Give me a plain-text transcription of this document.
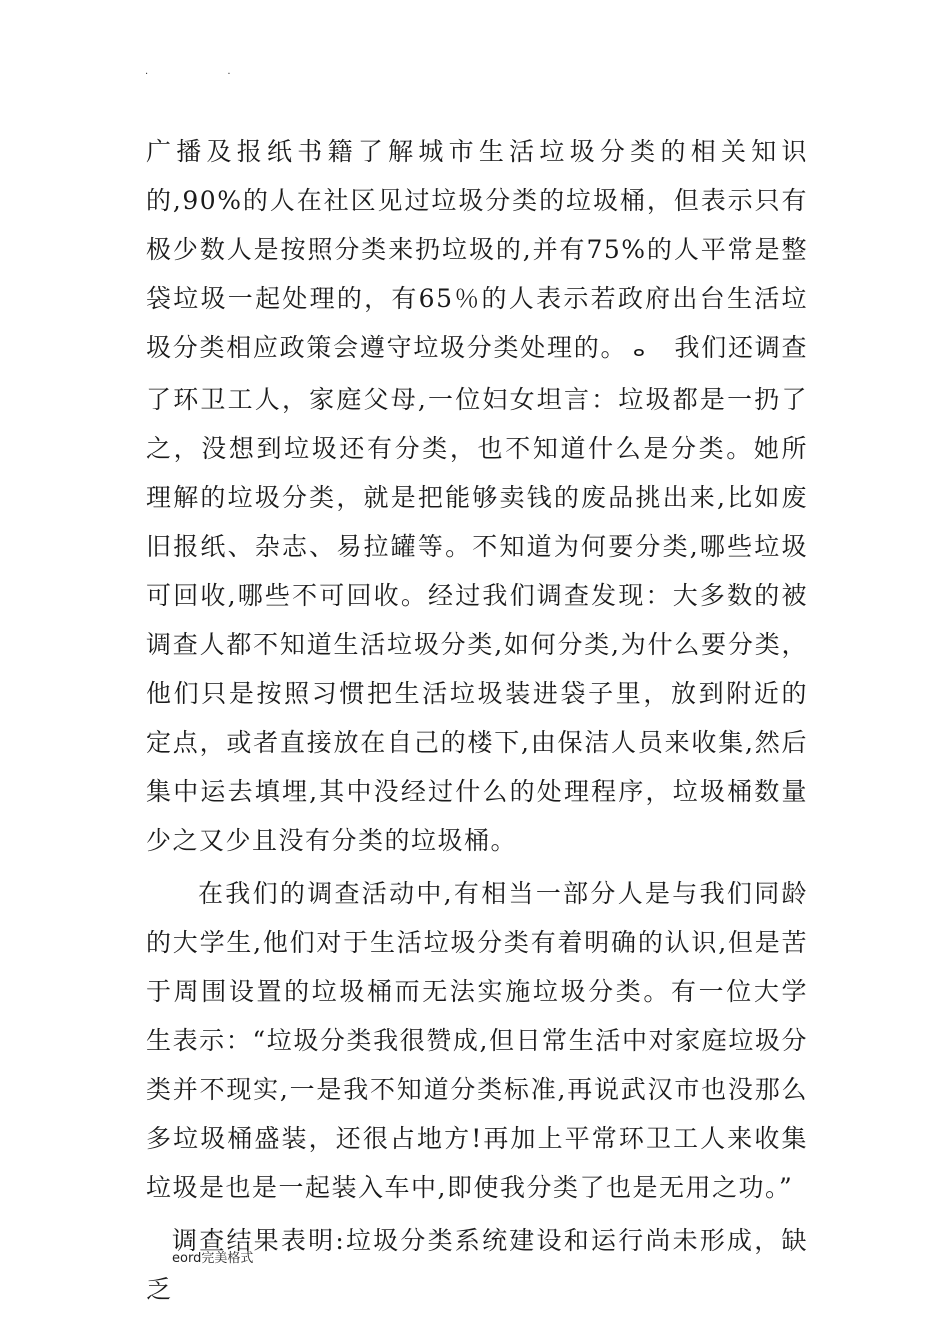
. .

广播及报纸书籍了解城市生活垃圾分类的相关知识的,90%的人在社区见过垃圾分类的垃圾桶，但表示只有极少数人是按照分类来扔垃圾的,并有75%的人平常是整袋垃圾一起处理的，有65％的人表示若政府出台生活垃圾分类相应政策会遵守垃圾分类处理的。 ⴰ 我们还调查了环卫工人，家庭父母,一位妇女坦言：垃圾都是一扔了之，没想到垃圾还有分类，也不知道什么是分类。她所理解的垃圾分类，就是把能够卖钱的废品挑出来,比如废旧报纸、杂志、易拉罐等。不知道为何要分类,哪些垃圾可回收,哪些不可回收。经过我们调查发现：大多数的被调查人都不知道生活垃圾分类,如何分类,为什么要分类，他们只是按照习惯把生活垃圾装进袋子里，放到附近的定点，或者直接放在自己的楼下,由保洁人员来收集,然后集中运去填埋,其中没经过什么的处理程序，垃圾桶数量少之又少且没有分类的垃圾桶。

在我们的调查活动中,有相当一部分人是与我们同龄的大学生,他们对于生活垃圾分类有着明确的认识,但是苦于周围设置的垃圾桶而无法实施垃圾分类。有一位大学生表示：“垃圾分类我很赞成,但日常生活中对家庭垃圾分类并不现实,一是我不知道分类标准,再说武汉市也没那么多垃圾桶盛装，还很占地方!再加上平常环卫工人来收集垃圾是也是一起装入车中,即使我分类了也是无用之功。”

调查结果表明:垃圾分类系统建设和运行尚未形成，缺乏

eord完美格式
